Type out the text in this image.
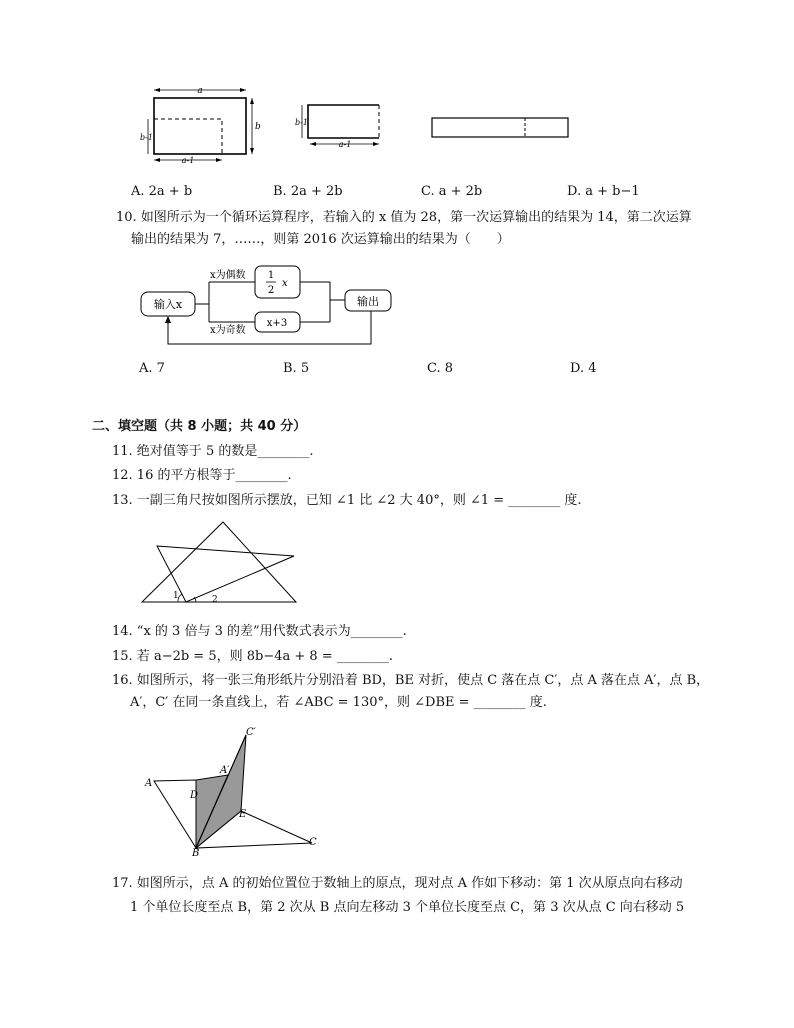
a
b
b-1
a-1
b-1
a-1
A. 2a + b	B. 2a + 2b	C. a + 2b	D. a + b−1
10. 如图所示为一个循环运算程序，若输入的 x 值为 28，第一次运算输出的结果为 14，第二次运算
输出的结果为 7，……，则第 2016 次运算输出的结果为（　　）
输入x
x为偶数
x为奇数
1
2
x
x+3
输出
A. 7	B. 5	C. 8	D. 4
二、填空题（共 8 小题；共 40 分）
11. 绝对值等于 5 的数是________.
12. 16 的平方根等于________.
13. 一副三角尺按如图所示摆放，已知 ∠1 比 ∠2 大 40°，则 ∠1 = ________ 度.
1	2
14. “x 的 3 倍与 3 的差”用代数式表示为________.
15. 若 a−2b = 5，则 8b−4a + 8 = ________.
16. 如图所示，将一张三角形纸片分别沿着 BD，BE 对折，使点 C 落在点 C′，点 A 落在点 A′，点 B，
A′，C′ 在同一条直线上，若 ∠ABC = 130°，则 ∠DBE = ________ 度.
C′
A′
A
D
E
C
B
17. 如图所示，点 A 的初始位置位于数轴上的原点，现对点 A 作如下移动：第 1 次从原点向右移动
1 个单位长度至点 B，第 2 次从 B 点向左移动 3 个单位长度至点 C，第 3 次从点 C 向右移动 5
